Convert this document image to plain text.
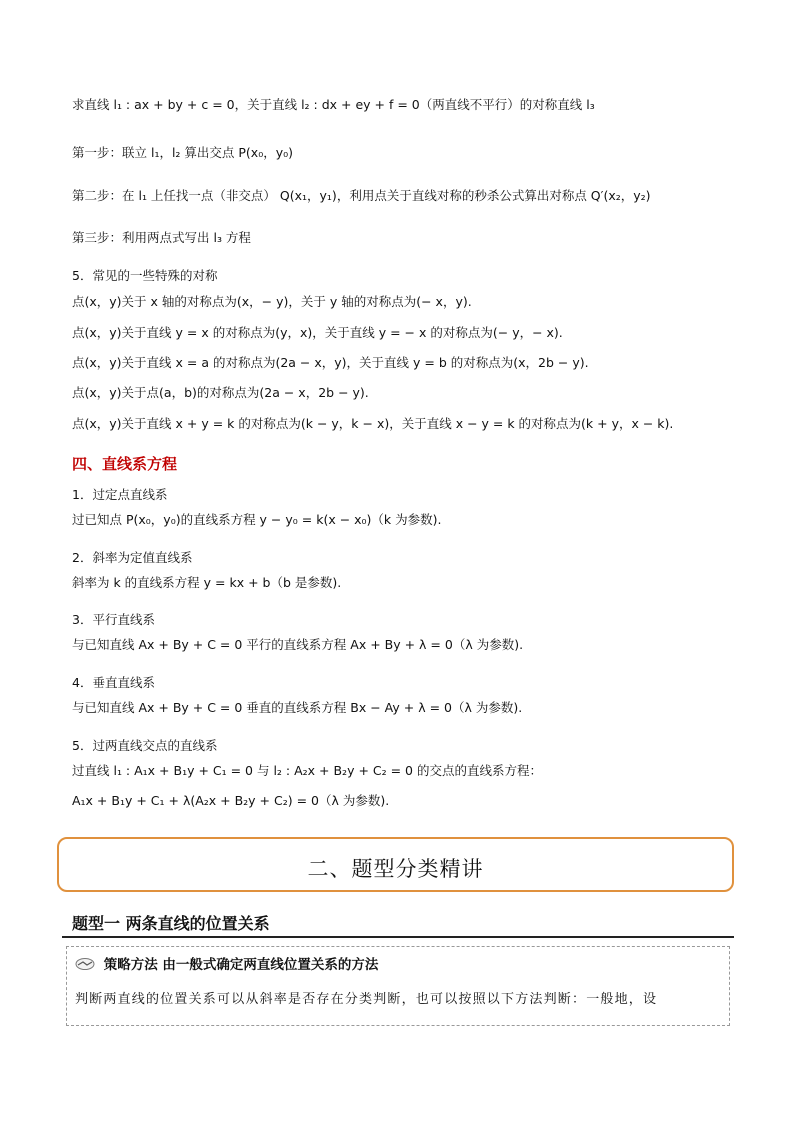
求直线 l₁ : ax + by + c = 0，关于直线 l₂ : dx + ey + f = 0（两直线不平行）的对称直线 l₃
第一步：联立 l₁，l₂ 算出交点 P(x₀，y₀)
第二步：在 l₁ 上任找一点（非交点） Q(x₁，y₁)，利用点关于直线对称的秒杀公式算出对称点 Q′(x₂，y₂)
第三步：利用两点式写出 l₃ 方程
5．常见的一些特殊的对称
点(x，y)关于 x 轴的对称点为(x，− y)，关于 y 轴的对称点为(− x，y).
点(x，y)关于直线 y = x 的对称点为(y，x)，关于直线 y = − x 的对称点为(− y，− x).
点(x，y)关于直线 x = a 的对称点为(2a − x，y)，关于直线 y = b 的对称点为(x，2b − y).
点(x，y)关于点(a，b)的对称点为(2a − x，2b − y).
点(x，y)关于直线 x + y = k 的对称点为(k − y，k − x)，关于直线 x − y = k 的对称点为(k + y，x − k).
1．过定点直线系
过已知点 P(x₀，y₀)的直线系方程 y − y₀ = k(x − x₀)（k 为参数).
2．斜率为定值直线系
斜率为 k 的直线系方程 y = kx + b（b 是参数).
3．平行直线系
与已知直线 Ax + By + C = 0 平行的直线系方程 Ax + By + λ = 0（λ 为参数).
4．垂直直线系
与已知直线 Ax + By + C = 0 垂直的直线系方程 Bx − Ay + λ = 0（λ 为参数).
5．过两直线交点的直线系
过直线 l₁ : A₁x + B₁y + C₁ = 0 与 l₂ : A₂x + B₂y + C₂ = 0 的交点的直线系方程：
A₁x + B₁y + C₁ + λ(A₂x + B₂y + C₂) = 0（λ 为参数).
四、直线系方程
二、题型分类精讲
题型一 两条直线的位置关系
策略方法 由一般式确定两直线位置关系的方法
判断两直线的位置关系可以从斜率是否存在分类判断，也可以按照以下方法判断：一般地，设
